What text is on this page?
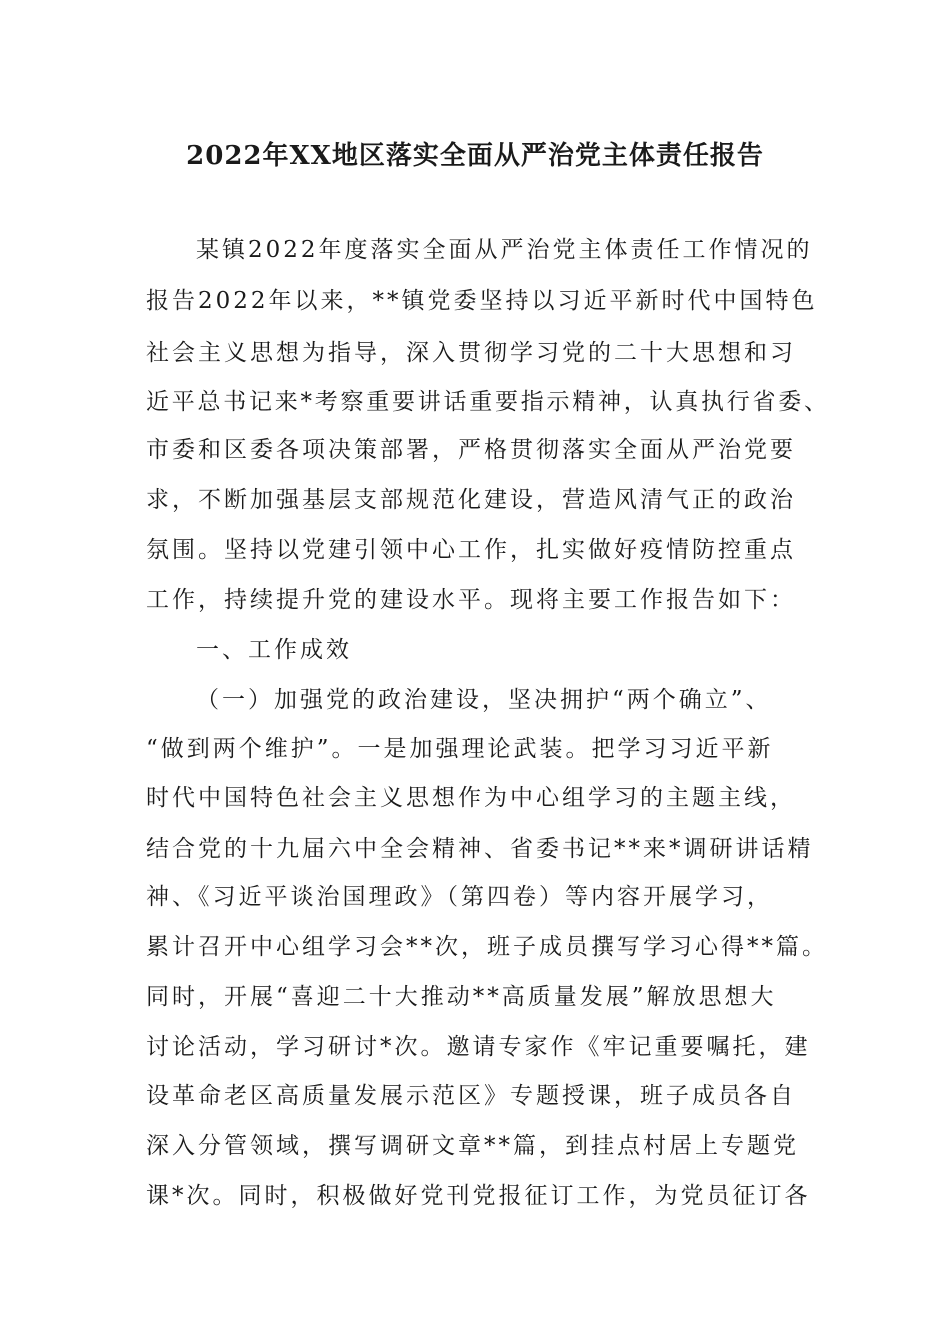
2022年XX地区落实全面从严治党主体责任报告
某镇2022年度落实全面从严治党主体责任工作情况的
报告2022年以来，**镇党委坚持以习近平新时代中国特色
社会主义思想为指导，深入贯彻学习党的二十大思想和习
近平总书记来*考察重要讲话重要指示精神，认真执行省委、
市委和区委各项决策部署，严格贯彻落实全面从严治党要
求，不断加强基层支部规范化建设，营造风清气正的政治
氛围。坚持以党建引领中心工作，扎实做好疫情防控重点
工作，持续提升党的建设水平。现将主要工作报告如下：
一、工作成效
（一）加强党的政治建设，坚决拥护“两个确立”、
“做到两个维护”。一是加强理论武装。把学习习近平新
时代中国特色社会主义思想作为中心组学习的主题主线，
结合党的十九届六中全会精神、省委书记**来*调研讲话精
神、《习近平谈治国理政》（第四卷）等内容开展学习，
累计召开中心组学习会**次，班子成员撰写学习心得**篇。
同时，开展“喜迎二十大推动**高质量发展”解放思想大
讨论活动，学习研讨*次。邀请专家作《牢记重要嘱托，建
设革命老区高质量发展示范区》专题授课，班子成员各自
深入分管领域，撰写调研文章**篇，到挂点村居上专题党
课*次。同时，积极做好党刊党报征订工作，为党员征订各
